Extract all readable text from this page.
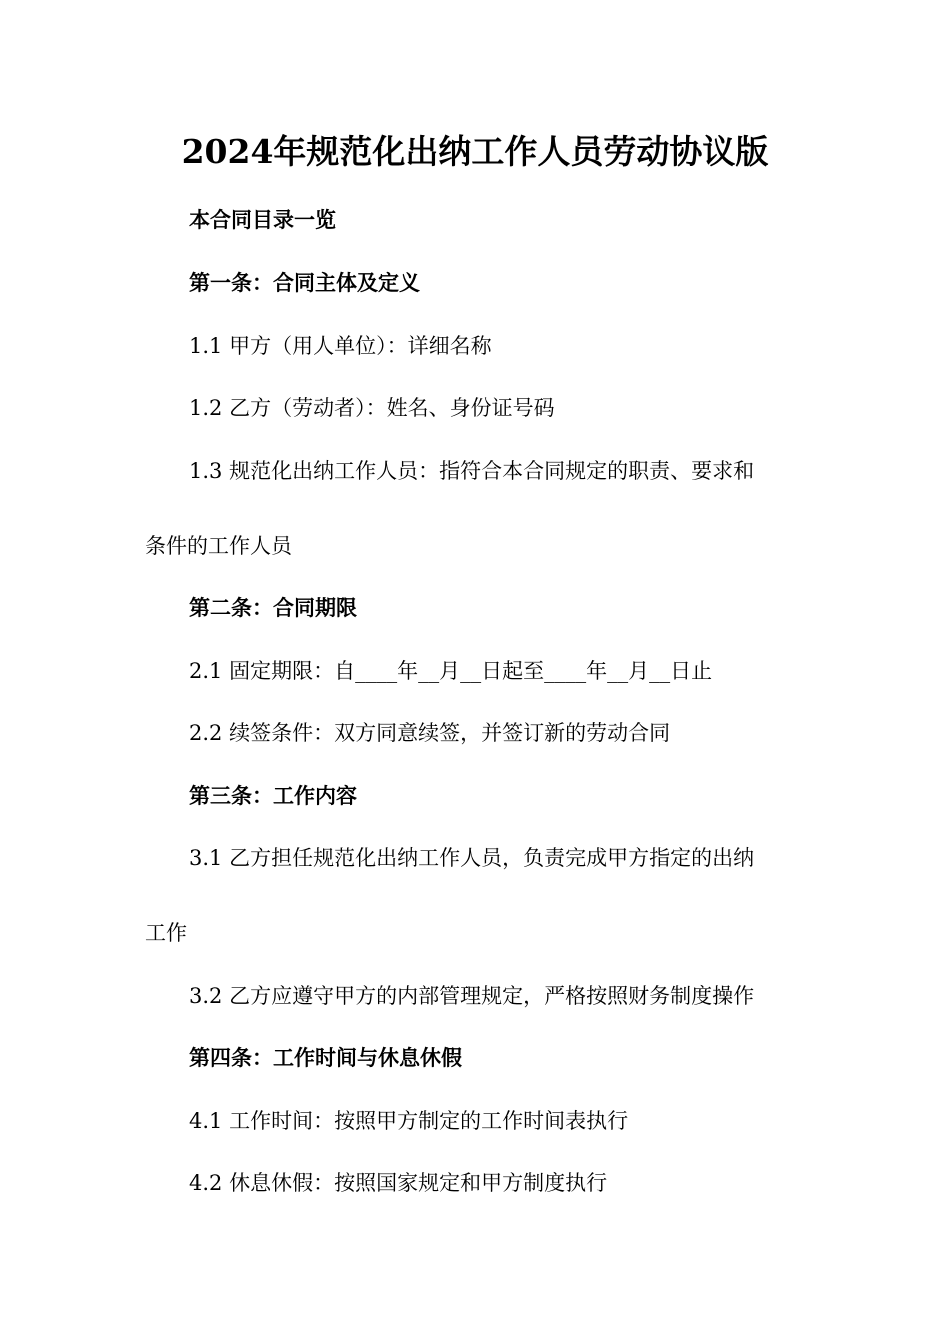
2024年规范化出纳工作人员劳动协议版
本合同目录一览
第一条：合同主体及定义
1.1 甲方（用人单位）：详细名称
1.2 乙方（劳动者）：姓名、身份证号码
1.3 规范化出纳工作人员：指符合本合同规定的职责、要求和
条件的工作人员
第二条：合同期限
2.1 固定期限：自____年__月__日起至____年__月__日止
2.2 续签条件：双方同意续签，并签订新的劳动合同
第三条：工作内容
3.1 乙方担任规范化出纳工作人员，负责完成甲方指定的出纳
工作
3.2 乙方应遵守甲方的内部管理规定，严格按照财务制度操作
第四条：工作时间与休息休假
4.1 工作时间：按照甲方制定的工作时间表执行
4.2 休息休假：按照国家规定和甲方制度执行
